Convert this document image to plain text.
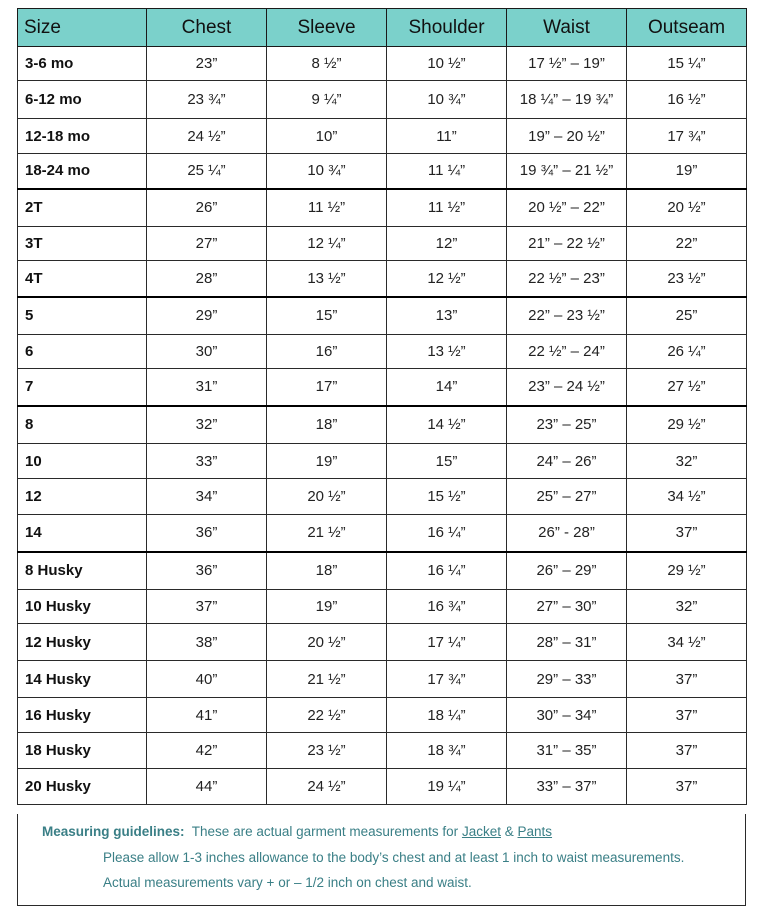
Size	Chest	Sleeve	Shoulder	Waist	Outseam
3-6 mo	23”	8 ½”	10 ½”	17 ½” – 19”	15 ¼”
6-12 mo	23 ¾”	9 ¼”	10 ¾”	18 ¼” – 19 ¾”	16 ½”
12-18 mo	24 ½”	10”	11”	19” – 20 ½”	17 ¾”
18-24 mo	25 ¼”	10 ¾”	11 ¼”	19 ¾” – 21 ½”	19”
2T	26”	11 ½”	11 ½”	20 ½” – 22”	20 ½”
3T	27”	12 ¼”	12”	21” – 22 ½”	22”
4T	28”	13 ½”	12 ½”	22 ½” – 23”	23 ½”
5	29”	15”	13”	22” – 23 ½”	25”
6	30”	16”	13 ½”	22 ½” – 24”	26 ¼”
7	31”	17”	14”	23” – 24 ½”	27 ½”
8	32”	18”	14 ½”	23” – 25”	29 ½”
10	33”	19”	15”	24” – 26”	32”
12	34”	20 ½”	15 ½”	25” – 27”	34 ½”
14	36”	21 ½”	16 ¼”	26” - 28”	37”
8 Husky	36”	18”	16 ¼”	26” – 29”	29 ½”
10 Husky	37”	19”	16 ¾”	27” – 30”	32”
12 Husky	38”	20 ½”	17 ¼”	28” – 31”	34 ½”
14 Husky	40”	21 ½”	17 ¾”	29” – 33”	37”
16 Husky	41”	22 ½”	18 ¼”	30” – 34”	37”
18 Husky	42”	23 ½”	18 ¾”	31” – 35”	37”
20 Husky	44”	24 ½”	19 ¼”	33” – 37”	37”
Measuring guidelines: These are actual garment measurements for Jacket & Pants
Please allow 1-3 inches allowance to the body’s chest and at least 1 inch to waist measurements.
Actual measurements vary + or – 1/2 inch on chest and waist.
